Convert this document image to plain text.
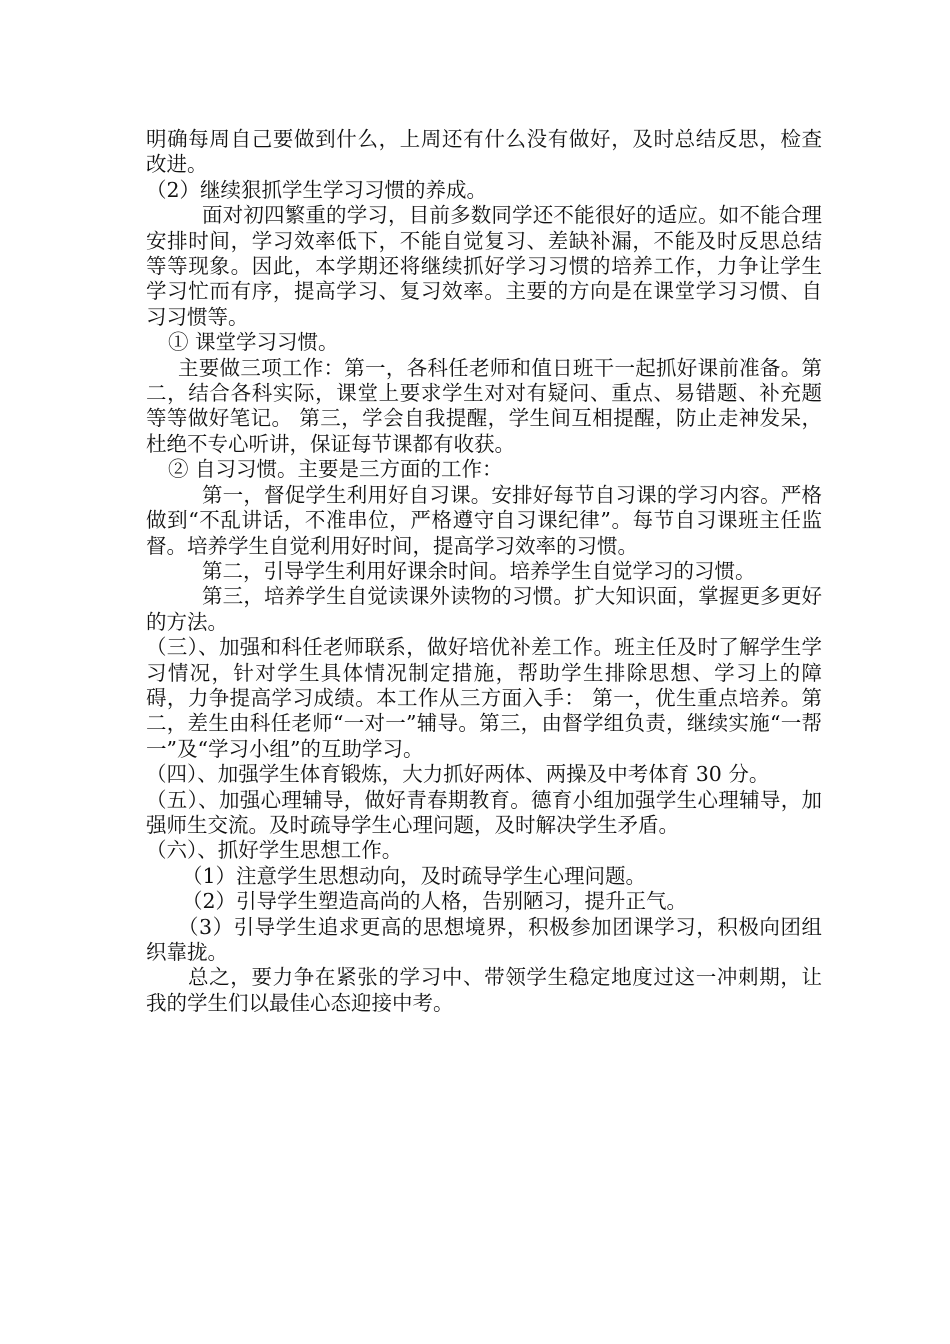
明确每周自己要做到什么，上周还有什么没有做好，及时总结反思，检查改进。

（2）继续狠抓学生学习习惯的养成。

面对初四繁重的学习，目前多数同学还不能很好的适应。如不能合理安排时间，学习效率低下，不能自觉复习、差缺补漏，不能及时反思总结等等现象。因此，本学期还将继续抓好学习习惯的培养工作，力争让学生学习忙而有序，提高学习、复习效率。主要的方向是在课堂学习习惯、自习习惯等。

① 课堂学习习惯。

主要做三项工作：第一，各科任老师和值日班干一起抓好课前准备。第二，结合各科实际，课堂上要求学生对对有疑问、重点、易错题、补充题等等做好笔记。 第三，学会自我提醒，学生间互相提醒，防止走神发呆，杜绝不专心听讲，保证每节课都有收获。

② 自习习惯。主要是三方面的工作：

第一，督促学生利用好自习课。安排好每节自习课的学习内容。严格做到“不乱讲话，不准串位，严格遵守自习课纪律”。每节自习课班主任监督。培养学生自觉利用好时间，提高学习效率的习惯。

第二，引导学生利用好课余时间。培养学生自觉学习的习惯。

第三，培养学生自觉读课外读物的习惯。扩大知识面，掌握更多更好的方法。

（三）、加强和科任老师联系，做好培优补差工作。班主任及时了解学生学习情况，针对学生具体情况制定措施，帮助学生排除思想、学习上的障碍，力争提高学习成绩。本工作从三方面入手： 第一，优生重点培养。第二，差生由科任老师“一对一”辅导。第三，由督学组负责，继续实施“一帮一”及“学习小组”的互助学习。

（四）、加强学生体育锻炼，大力抓好两体、两操及中考体育 30 分。

（五）、加强心理辅导，做好青春期教育。德育小组加强学生心理辅导，加强师生交流。及时疏导学生心理问题，及时解决学生矛盾。

（六）、抓好学生思想工作。

（1）注意学生思想动向，及时疏导学生心理问题。

（2）引导学生塑造高尚的人格，告别陋习，提升正气。

（3）引导学生追求更高的思想境界，积极参加团课学习，积极向团组织靠拢。

总之，要力争在紧张的学习中、带领学生稳定地度过这一冲刺期，让我的学生们以最佳心态迎接中考。
